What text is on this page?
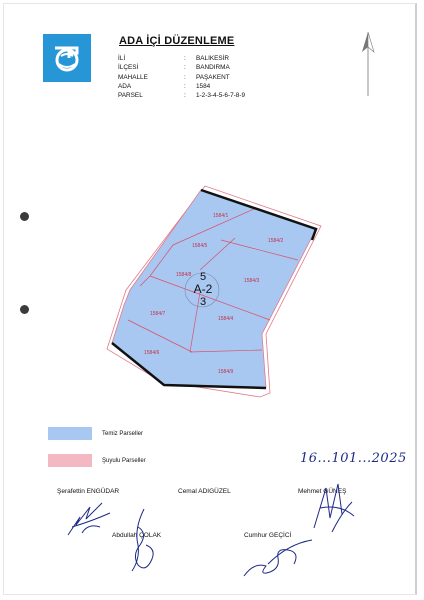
ADA İÇİ DÜZENLEME
İLİ	:	BALIKESİR
İLÇESİ	:	BANDIRMA
MAHALLE	:	PAŞAKENT
ADA	:	1584
PARSEL	:	1-2-3-4-5-6-7-8-9
1584/1
1584/2
1584/3
1584/4
1584/5
1584/6
1584/7
1584/8
1584/9
5
A-2
3
Temiz Parseller
Şuyulu Parseller	16...101...2025
Şerafettin ENGÜDAR	Cemal ADIGÜZEL	Mehmet GÜNEŞ
Abdullah ÇOLAK	Cumhur GEÇİCİ
